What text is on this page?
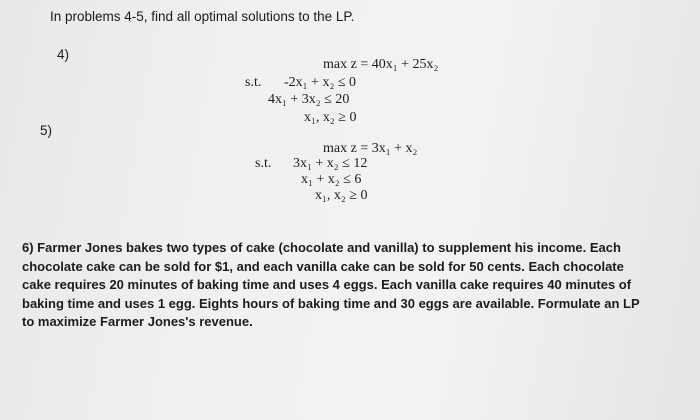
In problems 4-5, find all optimal solutions to the LP.
4)
max z = 40x₁ + 25x₂
s.t. -2x₁ + x₂ ≤ 0
4x₁ + 3x₂ ≤ 20
x₁, x₂ ≥ 0
5)
max z = 3x₁ + x₂
s.t. 3x₁ + x₂ ≤ 12
x₁ + x₂ ≤ 6
x₁, x₂ ≥ 0
6) Farmer Jones bakes two types of cake (chocolate and vanilla) to supplement his income. Each chocolate cake can be sold for $1, and each vanilla cake can be sold for 50 cents. Each chocolate cake requires 20 minutes of baking time and uses 4 eggs. Each vanilla cake requires 40 minutes of baking time and uses 1 egg. Eights hours of baking time and 30 eggs are available. Formulate an LP to maximize Farmer Jones's revenue.
